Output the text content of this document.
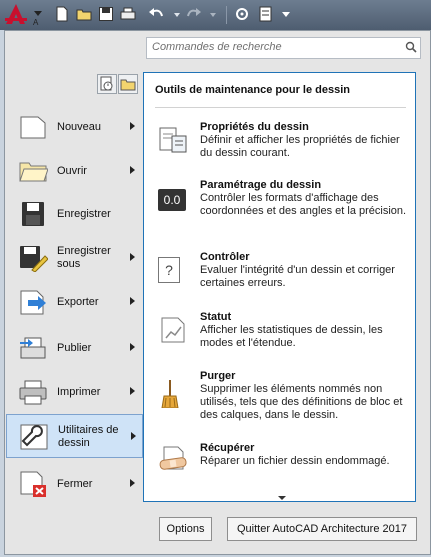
A
Commandes de recherche
Nouveau
Ouvrir
Enregistrer
Enregistrer sous
Exporter
Publier
Imprimer
Utilitaires de dessin
Fermer
Outils de maintenance pour le dessin
Propriétés du dessin
Définir et afficher les propriétés de fichier du dessin courant.
0.0
Paramétrage du dessin
Contrôler les formats d'affichage des coordonnées et des angles et la précision.
?
Contrôler
Evaluer l'intégrité d'un dessin et corriger certaines erreurs.
Statut
Afficher les statistiques de dessin, les modes et l'étendue.
Purger
Supprimer les éléments nommés non utilisés, tels que des définitions de bloc et des calques, dans le dessin.
Récupérer
Réparer un fichier dessin endommagé.
Options	Quitter AutoCAD Architecture 2017
